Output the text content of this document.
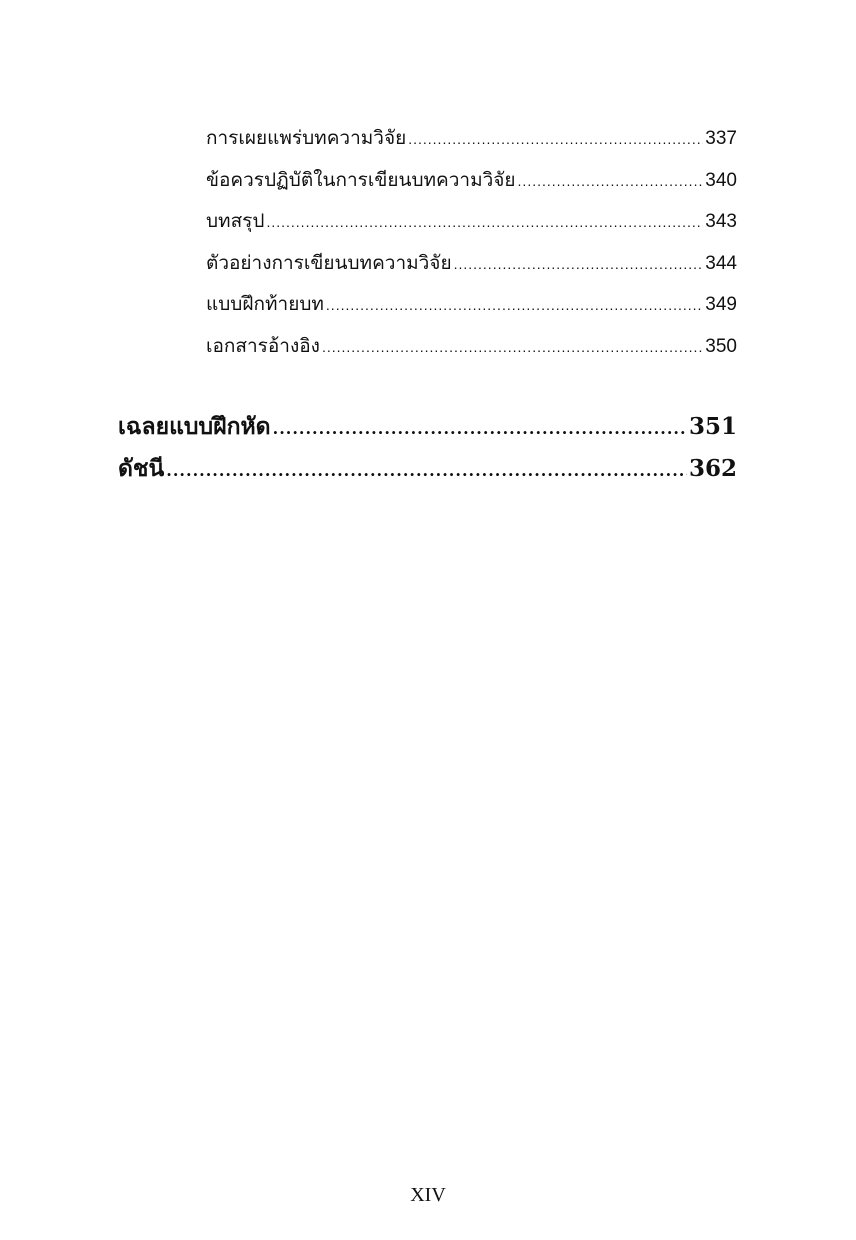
การเผยแพร่บทความวิจัย .....	337
ข้อควรปฏิบัติในการเขียนบทความวิจัย .....	340
บทสรุป .....	343
ตัวอย่างการเขียนบทความวิจัย .....	344
แบบฝึกท้ายบท .....	349
เอกสารอ้างอิง .....	350
เฉลยแบบฝึกหัด .....	351
ดัชนี .....	362
XIV
